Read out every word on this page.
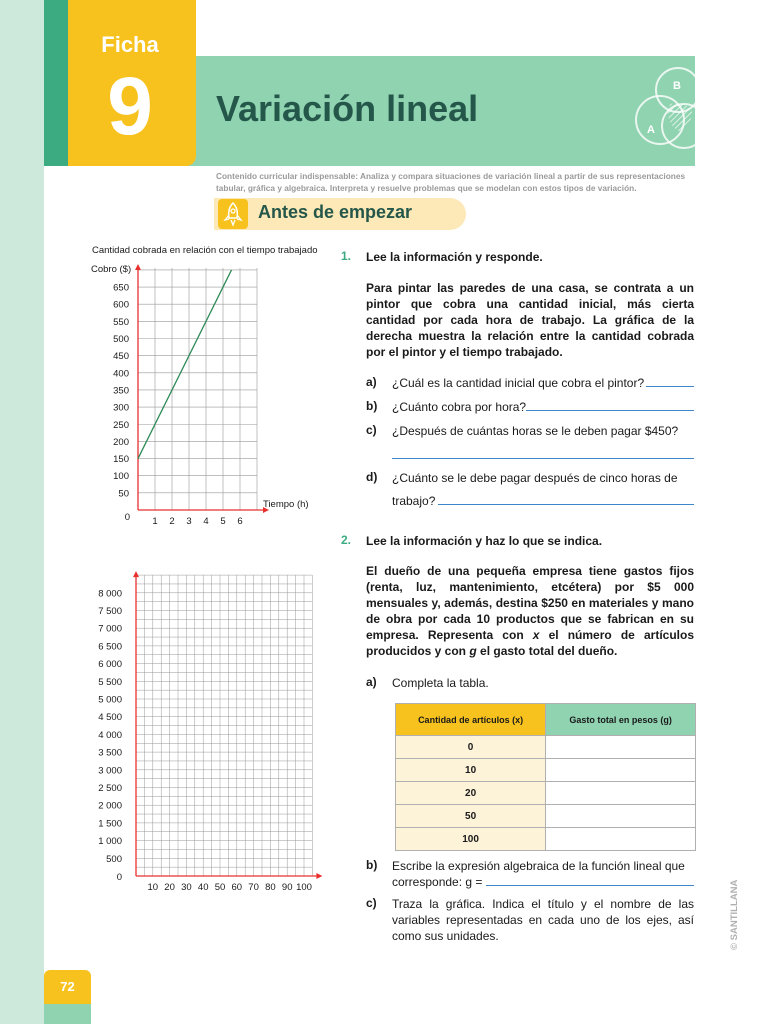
Ficha
9	Variación lineal
B
A
Contenido curricular indispensable: Analiza y compara situaciones de variación lineal a partir de sus representaciones tabular, gráfica y algebraica. Interpreta y resuelve problemas que se modelan con estos tipos de variación.
Antes de empezar
Cantidad cobrada en relación con el tiempo trabajado
50
100
150
200
250
300
350
400
450
500
550
600
650
1 2 3 4 5 6
0
Cobro ($)
Tiempo (h)
500
1 000
1 500
2 000
2 500
3 000
3 500
4 000
4 500
5 000
5 500
6 000
6 500
7 000
7 500
8 000
10 20 30 40 50 60 70 80 90 100
0
1. Lee la información y responde.
Para pintar las paredes de una casa, se contrata a un pintor que cobra una cantidad inicial, más cierta cantidad por cada hora de trabajo. La gráfica de la derecha muestra la relación entre la cantidad cobrada por el pintor y el tiempo trabajado.
a) ¿Cuál es la cantidad inicial que cobra el pintor?
b) ¿Cuánto cobra por hora?
c) ¿Después de cuántas horas se le deben pagar $450?
d) ¿Cuánto se le debe pagar después de cinco horas de
trabajo?
2. Lee la información y haz lo que se indica.
El dueño de una pequeña empresa tiene gastos fijos (renta, luz, mantenimiento, etcétera) por $5 000 mensuales y, además, destina $250 en materiales y mano de obra por cada 10 productos que se fabrican en su empresa. Representa con x el número de artículos producidos y con g el gasto total del dueño.
a) Completa la tabla.
Cantidad de artículos (x)	Gasto total en pesos (g)
0	
10	
20	
50	
100	
b) Escribe la expresión algebraica de la función lineal que
corresponde: g =
c) Traza la gráfica. Indica el título y el nombre de las variables representadas en cada uno de los ejes, así como sus unidades.
72
© SANTILLANA
